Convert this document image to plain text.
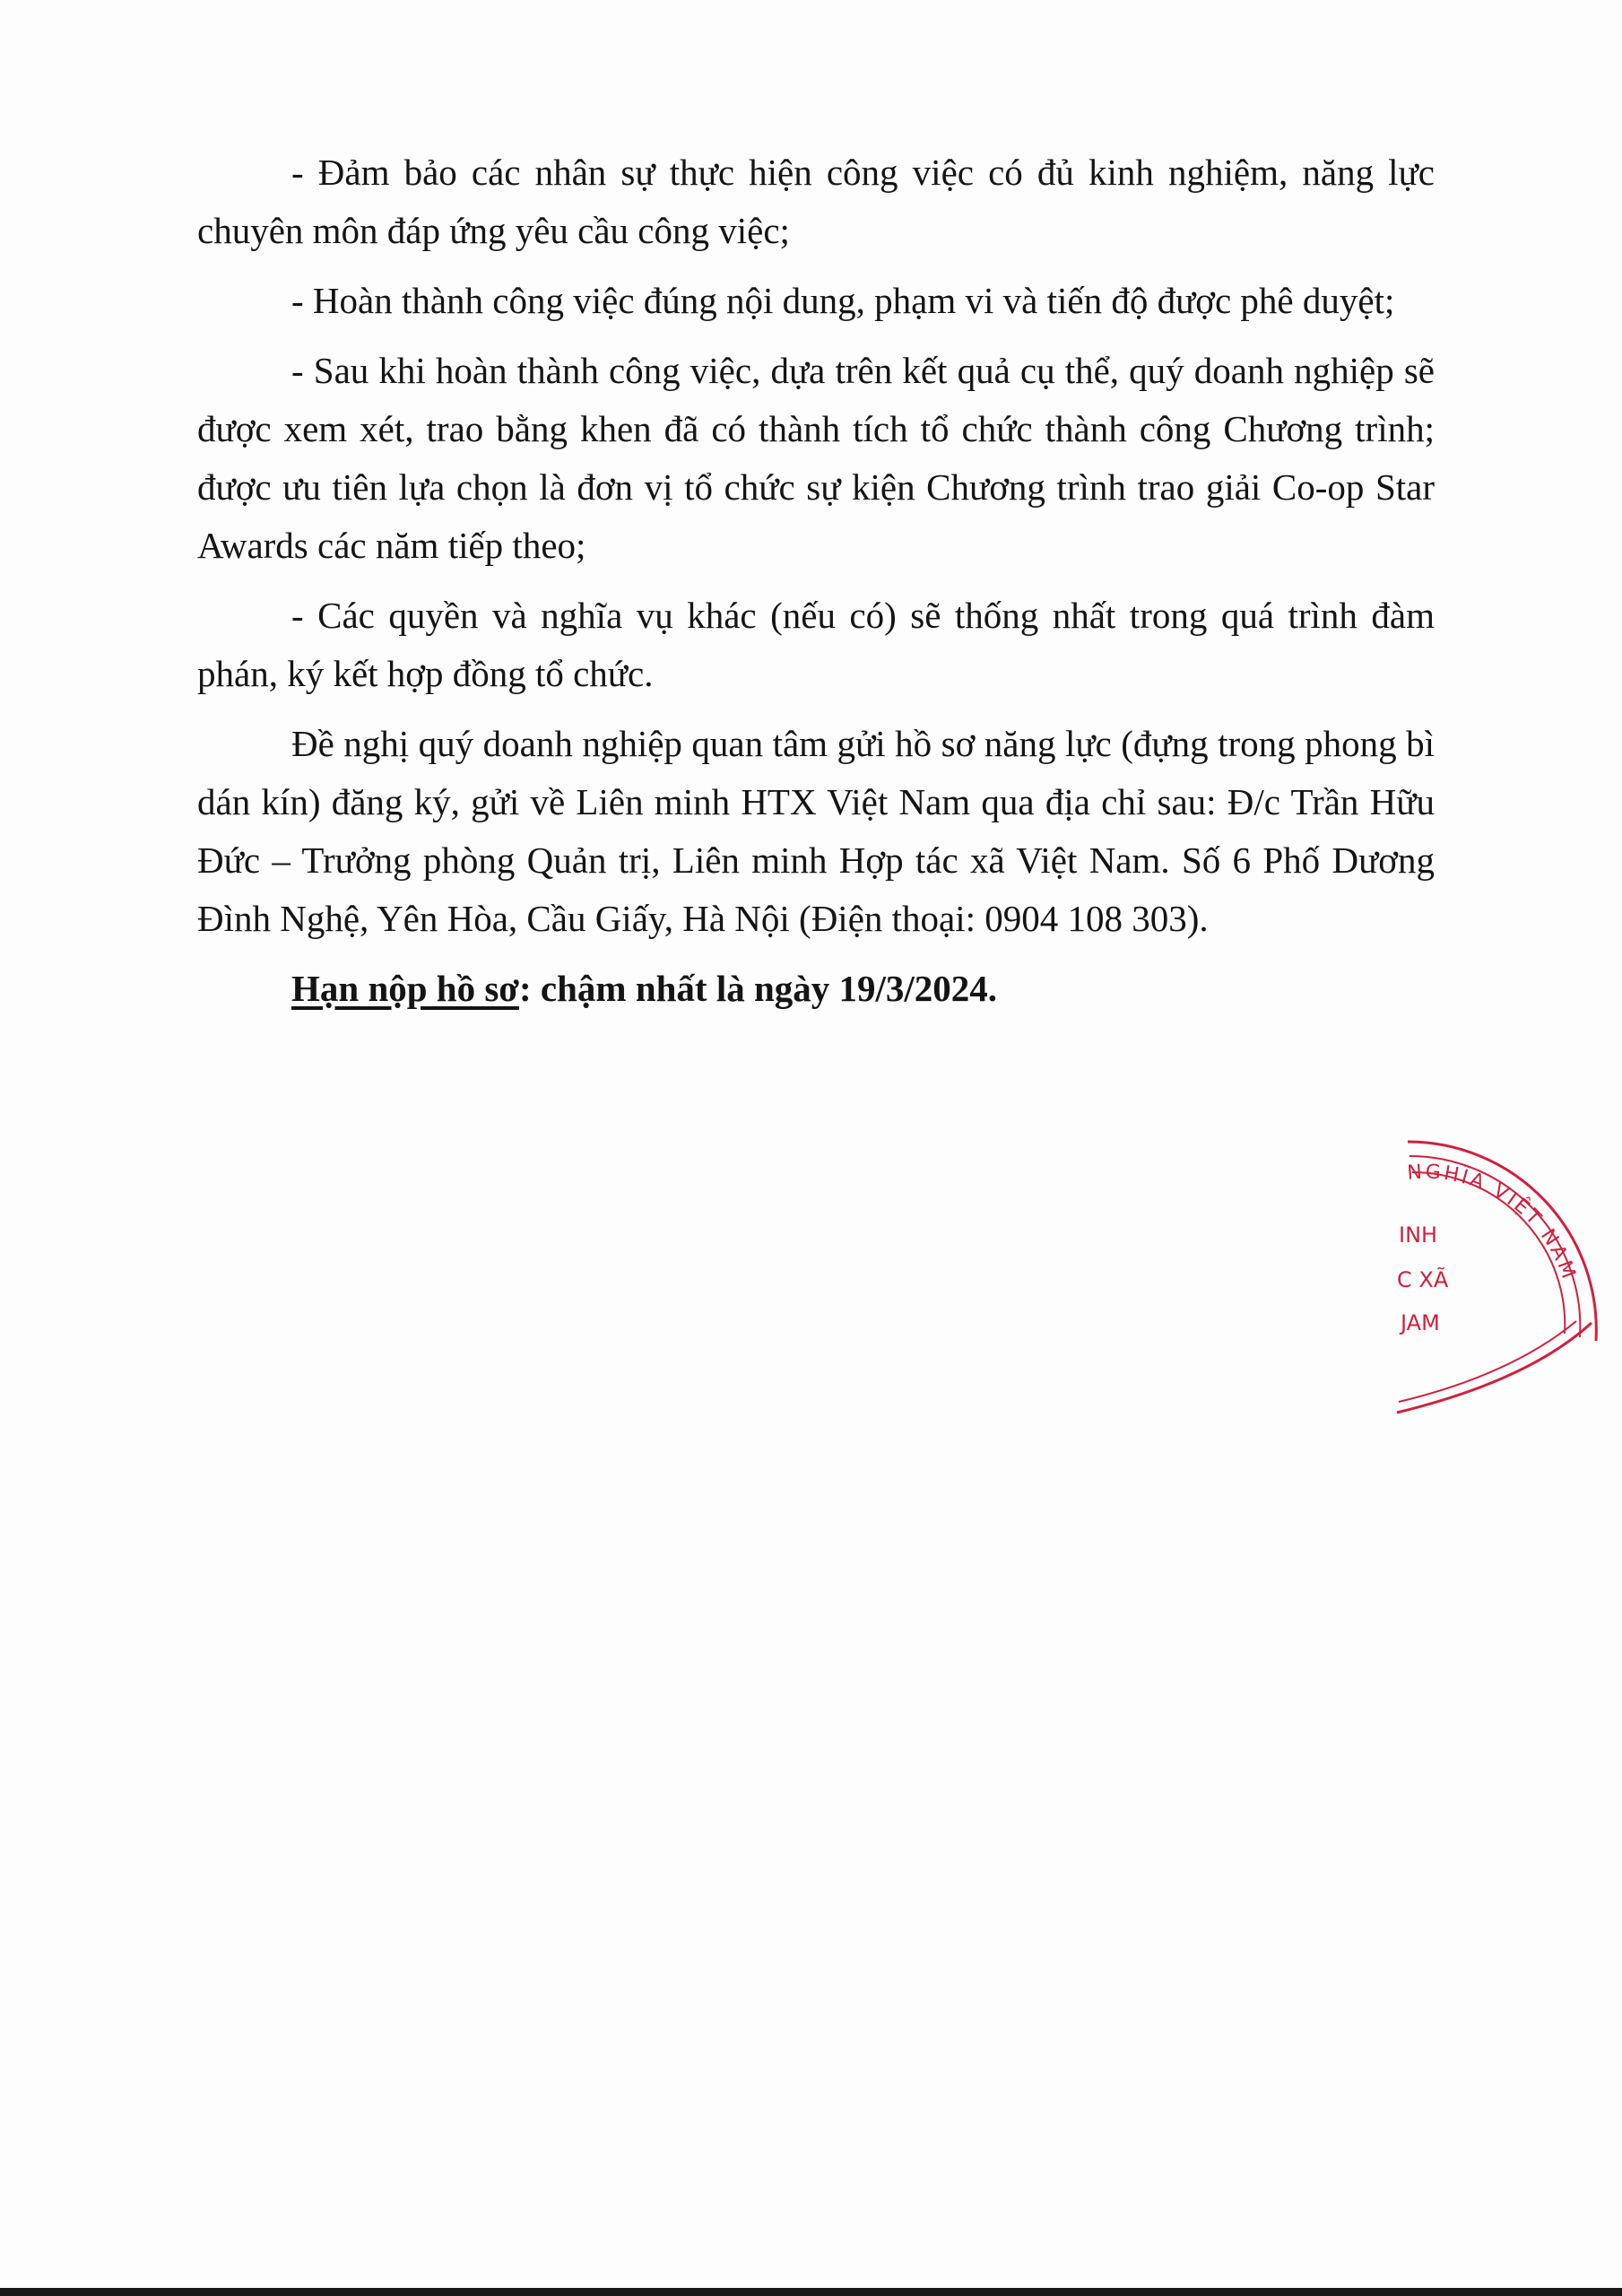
- Đảm bảo các nhân sự thực hiện công việc có đủ kinh nghiệm, năng lực chuyên môn đáp ứng yêu cầu công việc;

- Hoàn thành công việc đúng nội dung, phạm vi và tiến độ được phê duyệt;

- Sau khi hoàn thành công việc, dựa trên kết quả cụ thể, quý doanh nghiệp sẽ được xem xét, trao bằng khen đã có thành tích tổ chức thành công Chương trình; được ưu tiên lựa chọn là đơn vị tổ chức sự kiện Chương trình trao giải Co-op Star Awards các năm tiếp theo;

- Các quyền và nghĩa vụ khác (nếu có) sẽ thống nhất trong quá trình đàm phán, ký kết hợp đồng tổ chức.

Đề nghị quý doanh nghiệp quan tâm gửi hồ sơ năng lực (đựng trong phong bì dán kín) đăng ký, gửi về Liên minh HTX Việt Nam qua địa chỉ sau: Đ/c Trần Hữu Đức – Trưởng phòng Quản trị, Liên minh Hợp tác xã Việt Nam. Số 6 Phố Dương Đình Nghệ, Yên Hòa, Cầu Giấy, Hà Nội (Điện thoại: 0904 108 303).

Hạn nộp hồ sơ: chậm nhất là ngày 19/3/2024.

NGHĨA VIỆT NAM
INH
C XÃ
JAM
